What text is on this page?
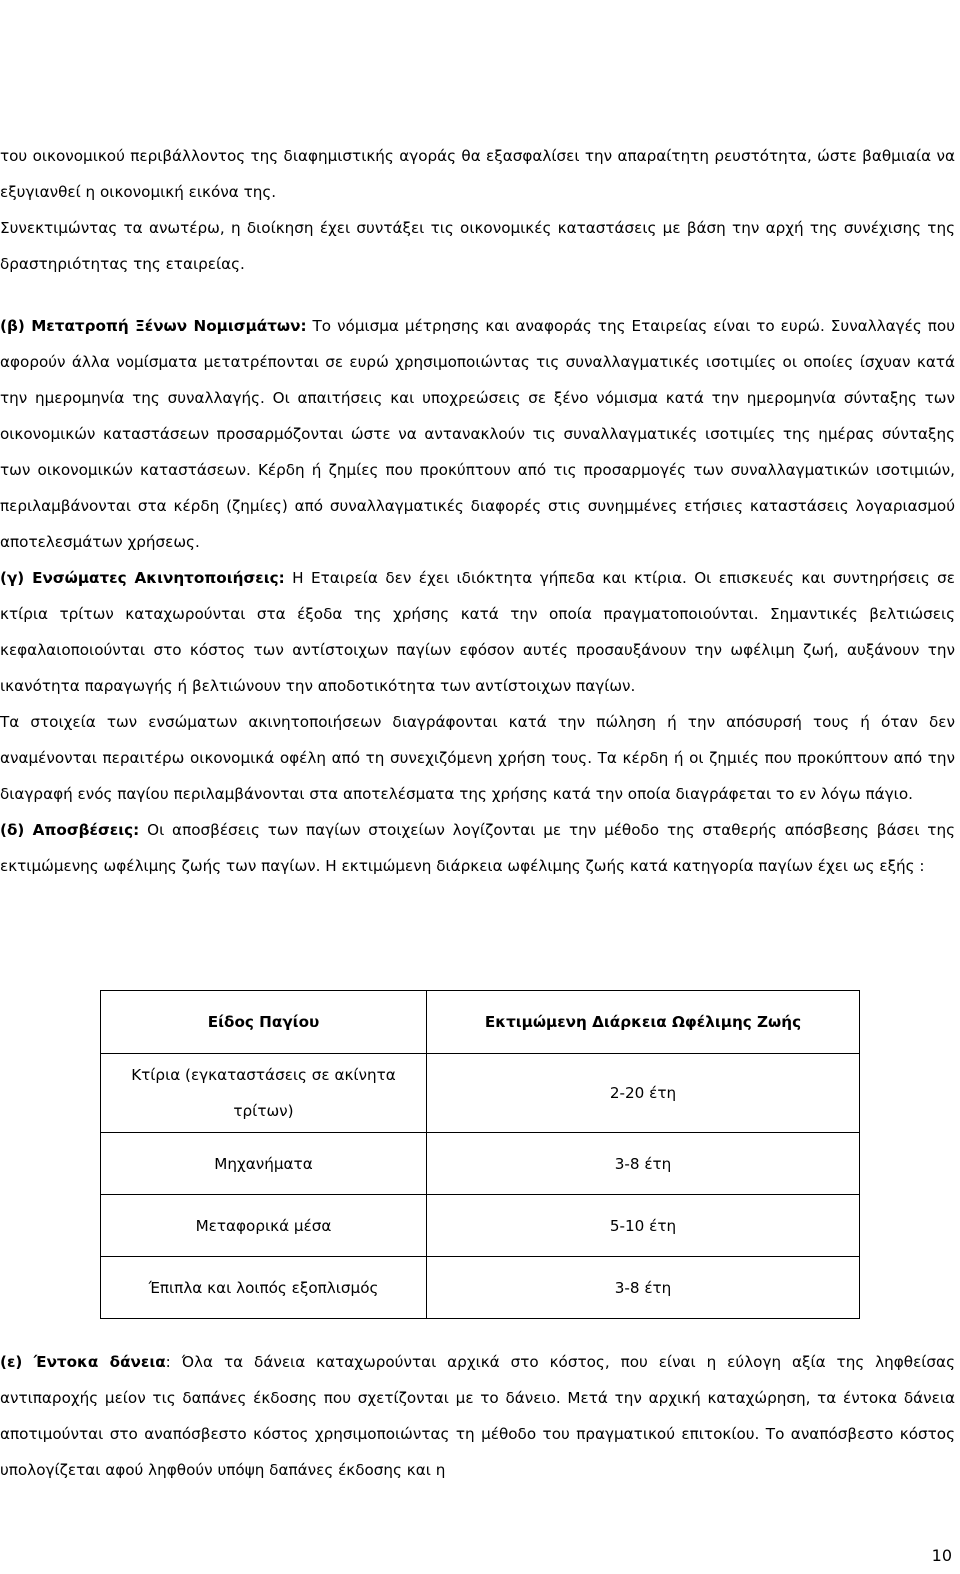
STUDIO ATA – ΑΝΕΞΑΡΤΗΤΑ ΤΗΛΕΟΠΤΙΚΑ ΣΤΟΥΝΤΙΟ ΑΘΗΝΩΝ Α.Ε.
ΣΗΜΕΙΩΣΕΙΣ ΕΠΙ ΤΩΝ ΟΙΚΟΝΟΜΙΚΩΝ ΚΑΤΑΣΤΑΣΕΩΝ
ΤΗΣ ΧΡΗΣΕΩΣ ΠΟΥ ΕΛΗΞΕ ΣΤΙΣ 31 ΔΕΚΕΜΒΡΙΟΥ 2014

του οικονομικού περιβάλλοντος της διαφημιστικής αγοράς θα εξασφαλίσει την απαραίτητη ρευστότητα, ώστε βαθμιαία να εξυγιανθεί η οικονομική εικόνα της.

Συνεκτιμώντας τα ανωτέρω, η διοίκηση έχει συντάξει τις οικονομικές καταστάσεις με βάση την αρχή της συνέχισης της δραστηριότητας της εταιρείας.

(β) Μετατροπή Ξένων Νομισμάτων: Το νόμισμα μέτρησης και αναφοράς της Εταιρείας είναι το ευρώ. Συναλλαγές που αφορούν άλλα νομίσματα μετατρέπονται σε ευρώ χρησιμοποιώντας τις συναλλαγματικές ισοτιμίες οι οποίες ίσχυαν κατά την ημερομηνία της συναλλαγής. Οι απαιτήσεις και υποχρεώσεις σε ξένο νόμισμα κατά την ημερομηνία σύνταξης των οικονομικών καταστάσεων προσαρμόζονται ώστε να αντανακλούν τις συναλλαγματικές ισοτιμίες της ημέρας σύνταξης των οικονομικών καταστάσεων. Κέρδη ή ζημίες που προκύπτουν από τις προσαρμογές των συναλλαγματικών ισοτιμιών, περιλαμβάνονται στα κέρδη (ζημίες) από συναλλαγματικές διαφορές στις συνημμένες ετήσιες καταστάσεις λογαριασμού αποτελεσμάτων χρήσεως.

(γ) Ενσώματες Ακινητοποιήσεις: Η Εταιρεία δεν έχει ιδιόκτητα γήπεδα και κτίρια. Οι επισκευές και συντηρήσεις σε κτίρια τρίτων καταχωρούνται στα έξοδα της χρήσης κατά την οποία πραγματοποιούνται. Σημαντικές βελτιώσεις κεφαλαιοποιούνται στο κόστος των αντίστοιχων παγίων εφόσον αυτές προσαυξάνουν την ωφέλιμη ζωή, αυξάνουν την ικανότητα παραγωγής ή βελτιώνουν την αποδοτικότητα των αντίστοιχων παγίων.

Τα στοιχεία των ενσώματων ακινητοποιήσεων διαγράφονται κατά την πώληση ή την απόσυρσή τους ή όταν δεν αναμένονται περαιτέρω οικονομικά οφέλη από τη συνεχιζόμενη χρήση τους. Τα κέρδη ή οι ζημιές που προκύπτουν από την διαγραφή ενός παγίου περιλαμβάνονται στα αποτελέσματα της χρήσης κατά την οποία διαγράφεται το εν λόγω πάγιο.

(δ) Αποσβέσεις: Οι αποσβέσεις των παγίων στοιχείων λογίζονται με την μέθοδο της σταθερής απόσβεσης βάσει της εκτιμώμενης ωφέλιμης ζωής των παγίων. Η εκτιμώμενη διάρκεια ωφέλιμης ζωής κατά κατηγορία παγίων έχει ως εξής :

Είδος Παγίου	Εκτιμώμενη Διάρκεια Ωφέλιμης Ζωής
Κτίρια (εγκαταστάσεις σε ακίνητα τρίτων)	2-20 έτη
Μηχανήματα	3-8 έτη
Μεταφορικά μέσα	5-10 έτη
Έπιπλα και λοιπός εξοπλισμός	3-8 έτη

(ε) Έντοκα δάνεια: Όλα τα δάνεια καταχωρούνται αρχικά στο κόστος, που είναι η εύλογη αξία της ληφθείσας αντιπαροχής μείον τις δαπάνες έκδοσης που σχετίζονται με το δάνειο. Μετά την αρχική καταχώρηση, τα έντοκα δάνεια αποτιμούνται στο αναπόσβεστο κόστος χρησιμοποιώντας τη μέθοδο του πραγματικού επιτοκίου. Το αναπόσβεστο κόστος υπολογίζεται αφού ληφθούν υπόψη δαπάνες έκδοσης και η

10
